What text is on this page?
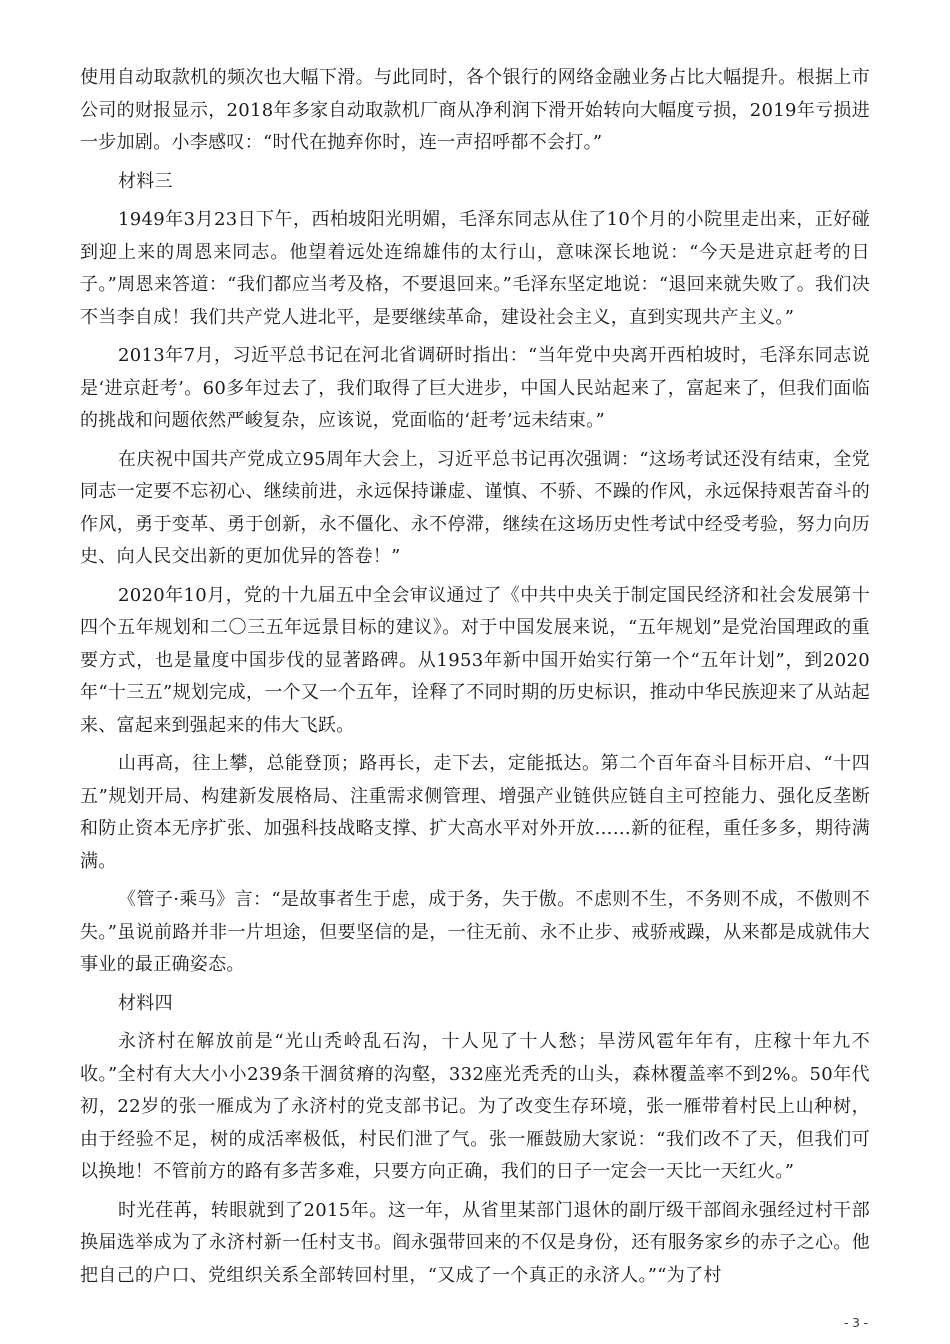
使用自动取款机的频次也大幅下滑。与此同时，各个银行的网络金融业务占比大幅提升。根据上市公司的财报显示，2018年多家自动取款机厂商从净利润下滑开始转向大幅度亏损，2019年亏损进一步加剧。小李感叹：“时代在抛弃你时，连一声招呼都不会打。”

材料三

1949年3月23日下午，西柏坡阳光明媚，毛泽东同志从住了10个月的小院里走出来，正好碰到迎上来的周恩来同志。他望着远处连绵雄伟的太行山，意味深长地说：“今天是进京赶考的日子。”周恩来答道：“我们都应当考及格，不要退回来。”毛泽东坚定地说：“退回来就失败了。我们决不当李自成！我们共产党人进北平，是要继续革命，建设社会主义，直到实现共产主义。”

2013年7月，习近平总书记在河北省调研时指出：“当年党中央离开西柏坡时，毛泽东同志说是‘进京赶考’。60多年过去了，我们取得了巨大进步，中国人民站起来了，富起来了，但我们面临的挑战和问题依然严峻复杂，应该说，党面临的‘赶考’远未结束。”

在庆祝中国共产党成立95周年大会上，习近平总书记再次强调：“这场考试还没有结束，全党同志一定要不忘初心、继续前进，永远保持谦虚、谨慎、不骄、不躁的作风，永远保持艰苦奋斗的作风，勇于变革、勇于创新，永不僵化、永不停滞，继续在这场历史性考试中经受考验，努力向历史、向人民交出新的更加优异的答卷！”

2020年10月，党的十九届五中全会审议通过了《中共中央关于制定国民经济和社会发展第十四个五年规划和二〇三五年远景目标的建议》。对于中国发展来说，“五年规划”是党治国理政的重要方式，也是量度中国步伐的显著路碑。从1953年新中国开始实行第一个“五年计划”，到2020年“十三五”规划完成，一个又一个五年，诠释了不同时期的历史标识，推动中华民族迎来了从站起来、富起来到强起来的伟大飞跃。

山再高，往上攀，总能登顶；路再长，走下去，定能抵达。第二个百年奋斗目标开启、“十四五”规划开局、构建新发展格局、注重需求侧管理、增强产业链供应链自主可控能力、强化反垄断和防止资本无序扩张、加强科技战略支撑、扩大高水平对外开放……新的征程，重任多多，期待满满。

《管子·乘马》言：“是故事者生于虑，成于务，失于傲。不虑则不生，不务则不成，不傲则不失。”虽说前路并非一片坦途，但要坚信的是，一往无前、永不止步、戒骄戒躁，从来都是成就伟大事业的最正确姿态。

材料四

永济村在解放前是“光山秃岭乱石沟，十人见了十人愁；旱涝风雹年年有，庄稼十年九不收。”全村有大大小小239条干涸贫瘠的沟壑，332座光秃秃的山头，森林覆盖率不到2%。50年代初，22岁的张一雁成为了永济村的党支部书记。为了改变生存环境，张一雁带着村民上山种树，由于经验不足，树的成活率极低，村民们泄了气。张一雁鼓励大家说：“我们改不了天，但我们可以换地！不管前方的路有多苦多难，只要方向正确，我们的日子一定会一天比一天红火。”

时光荏苒，转眼就到了2015年。这一年，从省里某部门退休的副厅级干部阎永强经过村干部换届选举成为了永济村新一任村支书。阎永强带回来的不仅是身份，还有服务家乡的赤子之心。他把自己的户口、党组织关系全部转回村里，“又成了一个真正的永济人。”“为了村

- 3 -
